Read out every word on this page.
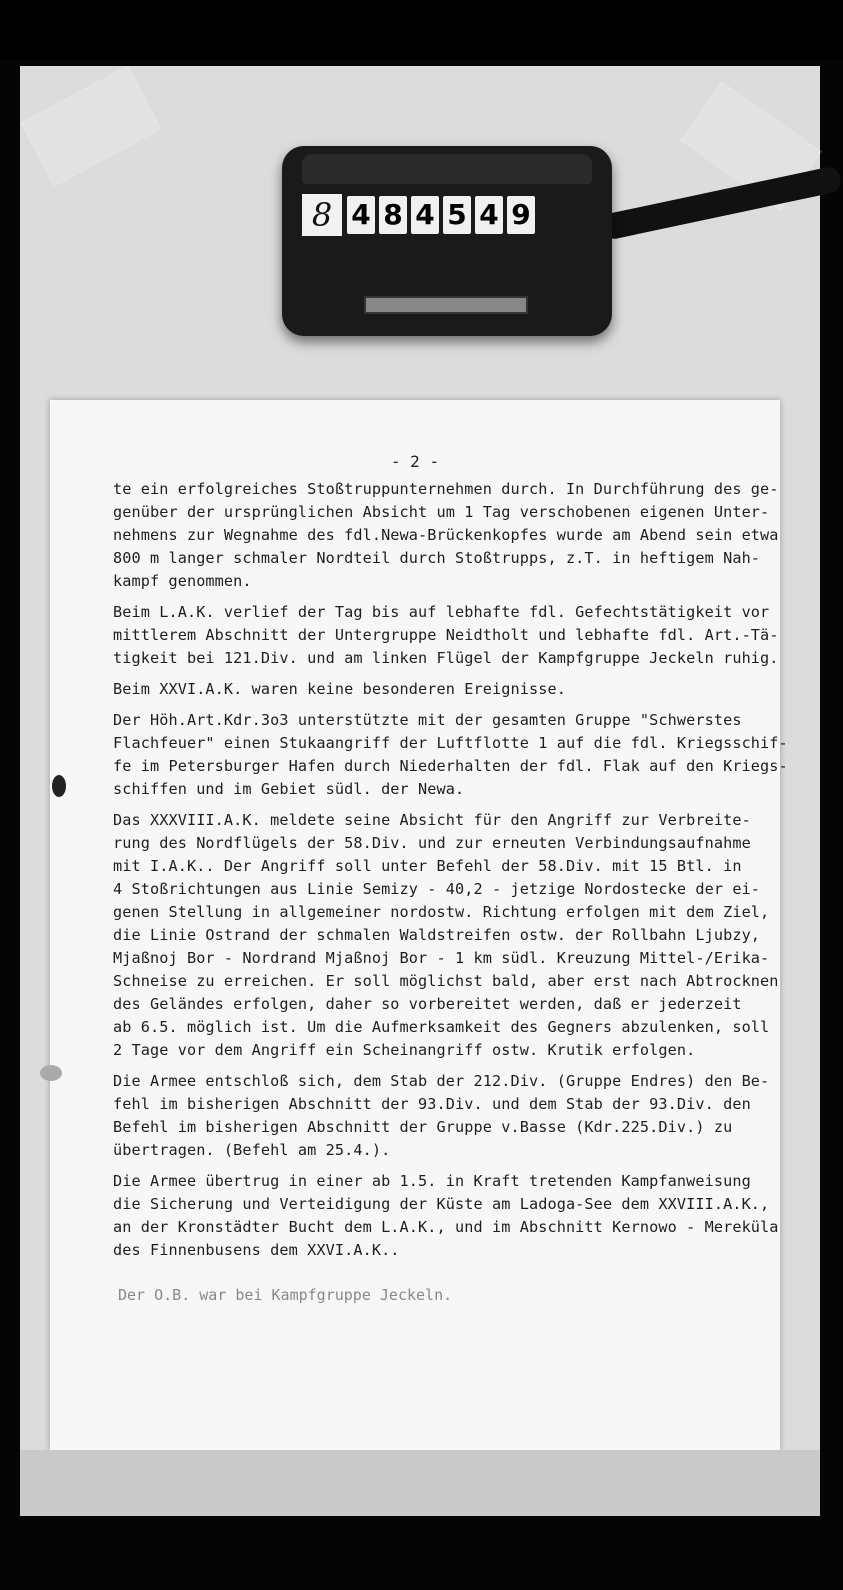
8 4 8 4 5 4 9
- 2 -
te ein erfolgreiches Stoßtruppunternehmen durch. In Durchführung des ge-
genüber der ursprünglichen Absicht um 1 Tag verschobenen eigenen Unter-
nehmens zur Wegnahme des fdl.Newa-Brückenkopfes wurde am Abend sein etwa
800 m langer schmaler Nordteil durch Stoßtrupps, z.T. in heftigem Nah-
kampf genommen.
Beim L.A.K. verlief der Tag bis auf lebhafte fdl. Gefechtstätigkeit vor
mittlerem Abschnitt der Untergruppe Neidtholt und lebhafte fdl. Art.-Tä-
tigkeit bei 121.Div. und am linken Flügel der Kampfgruppe Jeckeln ruhig.
Beim XXVI.A.K. waren keine besonderen Ereignisse.
Der Höh.Art.Kdr.3o3 unterstützte mit der gesamten Gruppe "Schwerstes
Flachfeuer" einen Stukaangriff der Luftflotte 1 auf die fdl. Kriegsschif-
fe im Petersburger Hafen durch Niederhalten der fdl. Flak auf den Kriegs-
schiffen und im Gebiet südl. der Newa.
Das XXXVIII.A.K. meldete seine Absicht für den Angriff zur Verbreite-
rung des Nordflügels der 58.Div. und zur erneuten Verbindungsaufnahme
mit I.A.K.. Der Angriff soll unter Befehl der 58.Div. mit 15 Btl. in
4 Stoßrichtungen aus Linie Semizy - 40,2 - jetzige Nordostecke der ei-
genen Stellung in allgemeiner nordostw. Richtung erfolgen mit dem Ziel,
die Linie Ostrand der schmalen Waldstreifen ostw. der Rollbahn Ljubzy,
Mjaßnoj Bor - Nordrand Mjaßnoj Bor - 1 km südl. Kreuzung Mittel-/Erika-
Schneise zu erreichen. Er soll möglichst bald, aber erst nach Abtrocknen
des Geländes erfolgen, daher so vorbereitet werden, daß er jederzeit
ab 6.5. möglich ist. Um die Aufmerksamkeit des Gegners abzulenken, soll
2 Tage vor dem Angriff ein Scheinangriff ostw. Krutik erfolgen.
Die Armee entschloß sich, dem Stab der 212.Div. (Gruppe Endres) den Be-
fehl im bisherigen Abschnitt der 93.Div. und dem Stab der 93.Div. den
Befehl im bisherigen Abschnitt der Gruppe v.Basse (Kdr.225.Div.) zu
übertragen. (Befehl am 25.4.).
Die Armee übertrug in einer ab 1.5. in Kraft tretenden Kampfanweisung
die Sicherung und Verteidigung der Küste am Ladoga-See dem XXVIII.A.K.,
an der Kronstädter Bucht dem L.A.K., und im Abschnitt Kernowo - Mereküla
des Finnenbusens dem XXVI.A.K..
Der O.B. war bei Kampfgruppe Jeckeln.
